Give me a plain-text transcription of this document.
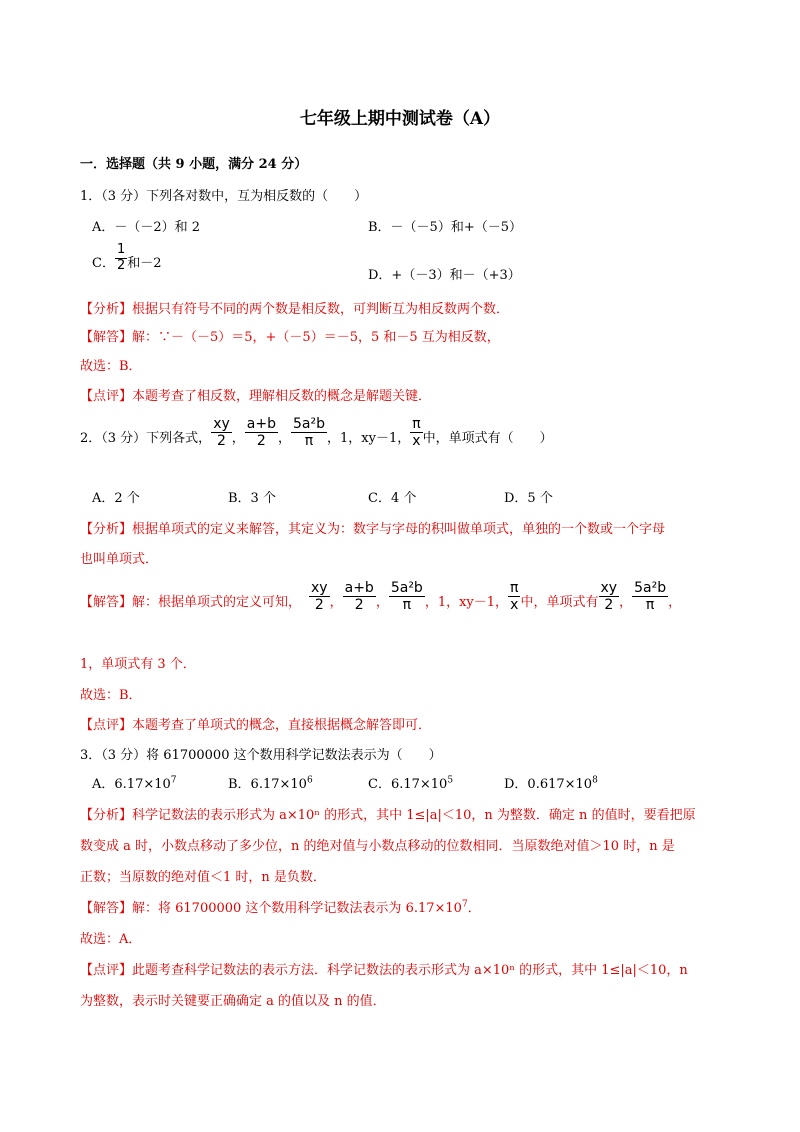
七年级上期中测试卷（A）
一．选择题（共 9 小题，满分 24 分）
1．（3 分）下列各对数中，互为相反数的（　　）
A．－（－2）和 2	B．－（－5）和+（－5）
C． $\frac{1}{2}$ 和－2
D．+（－3）和－（+3）
【分析】根据只有符号不同的两个数是相反数，可判断互为相反数两个数．
【解答】解：∵－（－5）＝5，+（－5）＝－5，5 和－5 互为相反数，
故选：B．
【点评】本题考查了相反数，理解相反数的概念是解题关键．
2．（3 分）下列各式， $\frac{xy}{2}$ ， $\frac{a+b}{2}$ ， $\frac{\text{5a²b}}{\pi}$ ，1，xy－1， $\frac{\pi}{x}$ 中，单项式有（　　）
A．2 个	B．3 个	C．4 个	D．5 个
【分析】根据单项式的定义来解答，其定义为：数字与字母的积叫做单项式，单独的一个数或一个字母
也叫单项式．
【解答】解：根据单项式的定义可知， $\frac{xy}{2}$ ， $\frac{a+b}{2}$ ， $\frac{\text{5a²b}}{\pi}$ ，1，xy－1， $\frac{\pi}{x}$ 中，单项式有 $\frac{xy}{2}$ ， $\frac{\text{5a²b}}{\pi}$ ，
1，单项式有 3 个．
故选：B．
【点评】本题考查了单项式的概念，直接根据概念解答即可．
3．（3 分）将 61700000 这个数用科学记数法表示为（　　）
A．$6.17\times 10^7$	B．$6.17\times 10^6$	C．$6.17\times 10^5$	D．$0.617\times 10^8$
【分析】科学记数法的表示形式为 a×10ⁿ 的形式，其中 1≤|a|＜10，n 为整数．确定 n 的值时，要看把原
数变成 a 时，小数点移动了多少位，n 的绝对值与小数点移动的位数相同．当原数绝对值＞10 时，n 是
正数；当原数的绝对值＜1 时，n 是负数．
【解答】解：将 61700000 这个数用科学记数法表示为 $6.17\times 10^7$．
故选：A．
【点评】此题考查科学记数法的表示方法．科学记数法的表示形式为 a×10ⁿ 的形式，其中 1≤|a|＜10，n
为整数，表示时关键要正确确定 a 的值以及 n 的值．
